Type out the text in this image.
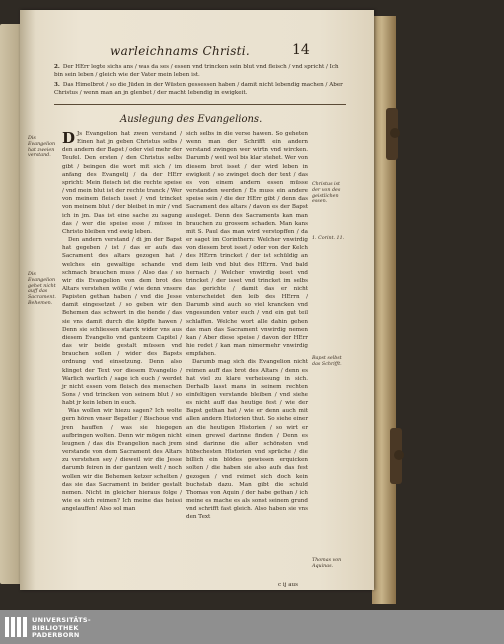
warleichnams Christi.	14
2. Der HErr legte sichs ans / was da ses / essen vnd trincken sein blut vnd fleisch / vnd spricht / Ich bin sein leben / gleich wie der Vater mein leben ist.
3. Das Himelbrot / so die Jüden in der Wüsten gessessen haben / damit nicht lebendig machen / Aber Christus / wenn man an jn glenbet / der macht lebendig in ewigkeit.
Auslegung des Evangelions.

D Js Evangelion hat zwen verstand / Einen hat jn geben Christus selbs / den andern der Bapst / oder viel mehr der Teufel. Den ersten / den Christus selbs gibt / beingen die wort mit sich / im anfang des Evangelij / da der HErr spricht: Mein fleisch ist die rechte speise / vnd mein blut ist der rechte tranck / Wer von meinem fleisch isset / vnd trincket von meinem blut / der bleibet in mir / vnd ich in jm. Das ist eine sache zu sagung das / wer die speise esse / müsse in Christo bleiben vnd ewig leben.

Den andern verstand / di jm der Bapst hat gegeben / ist / das er aufs das Sacrament des altars gezogen hat / welches ein gewaltige schande vnd schmach brauchen muss / Also das / so wir dis Evangelion von dem brot des Altars verstehen wölle / wie denn vnsere Papisten gethan haben / vnd die Jesse damit eingesetzet / so geben wir den Behemen das schwert in die hende / das sie vns damit durch die köpffe hawen / Denn sie schliessen starck wider vns aus diesem Evangelio vnd gantzem Capitel / das wir beide gestalt müssen vnd brauchen sollen / wider des Bapsts ordnung vnd einsetzung. Denn also klinget der Text vor diesem Evangelio / Warlich warlich / sage ich euch / werdet jr nicht essen vom fleisch des menschen Sons / vnd trincken von seinem blut / so habt jr kein leben in euch.

Was wollen wir hiezu sagen? Ich wolte gern hören vnser Bepstler / Bischoue vnd jren hauffen / was sie hiegegen aufbringen wolten. Denn wir mögen nicht leugnen / das dis Evangelion nach jrem verstande von dem Sacrament des Altars zu verstehen sey / dieweil wir die Jesse darumb feiren in der gantzen welt / noch wollen wir die Behemen ketzer schelten / das sie das Sacrament in beider gestalt nemen. Nicht in gleicher hieraus folge / wie es sich reimen? Ich meine das heissi angelauffen! Also sol man

sich selbs in die verse hawen. So geheten wenn man der Schrifft ein andern verstand zwingen wer wirtn vnd wircken. Darumb / weil wol bis klar stehet. Wer von diesem brot isset / der wird leben in ewigkeit / so zwinget doch der text / das es von einem andern essen müsse verstanden werden / Es muss ein andere speise sein / die der HErr gibt / denn das Sacrament des altars / davon es der Bapst ausleget. Denn des Sacraments kan man brauchen zu grossem schaden. Man kans mit S. Paul das man wird verstopffen / da er saget im Corinthern: Welcher vnwirdig von diesem brot isset / oder von der Kelch des HErrn trincket / der ist schüldig an dem leib vnd blut des HErrn. Vnd bald hernach / Welcher vnwirdig isset vnd trincket / der isset vnd trincket im selbs das gerichte / damit das er nicht vnterscheidet den leib des HErrn / Darumb sind auch so viel krancken vnd vngesunden vnter euch / vnd ein gut teil schlaffen. Welche wort alle dahin gehen das man das Sacrament vnwirdig nemen kan / Aber diese speise / davon der HErr hie redet / kan man nimermehr vnwirdig empfahen.

Darumb mag sich dis Evangelion nicht reimen auff das brot des Altars / denn es hat viel zu klare verheissung in sich. Derhalb lasst mans in seinem rechten einfeltigen verstande bleiben / vnd siehe es nicht auff das heutige fest / wie der Bapst gethan hat / wie er denn auch mit allen andern Historien thut. So siehe einer an die heutigen Historien / so wirt er einen grewel darinne finden / Denn es sind darinne die aller schönsten vnd hübschesten Historien vnd sprüche / die billich ein blödes gewissen erquicken solten / die haben sie also aufs das fest gezogen / vnd reimet sich doch kein buchstab dazu. Man gibt die schuld Thomas von Aquin / der habe gethan / ich meine es mache es als sonst seinem grund vnd schrifft fast gleich. Also haben sie vns den Text

Dis Evangelion hat zweien verstand.
Dis Evangelion gehet nicht auff das Sacrament. Behemen.
Christus ist der von des geistlichen essen.
1. Corint. 11.
Bapst selbst das Schrifft.
Thomas von Aquinas.
c ij aus
UNIVERSITÄTS-
BIBLIOTHEK
PADERBORN
